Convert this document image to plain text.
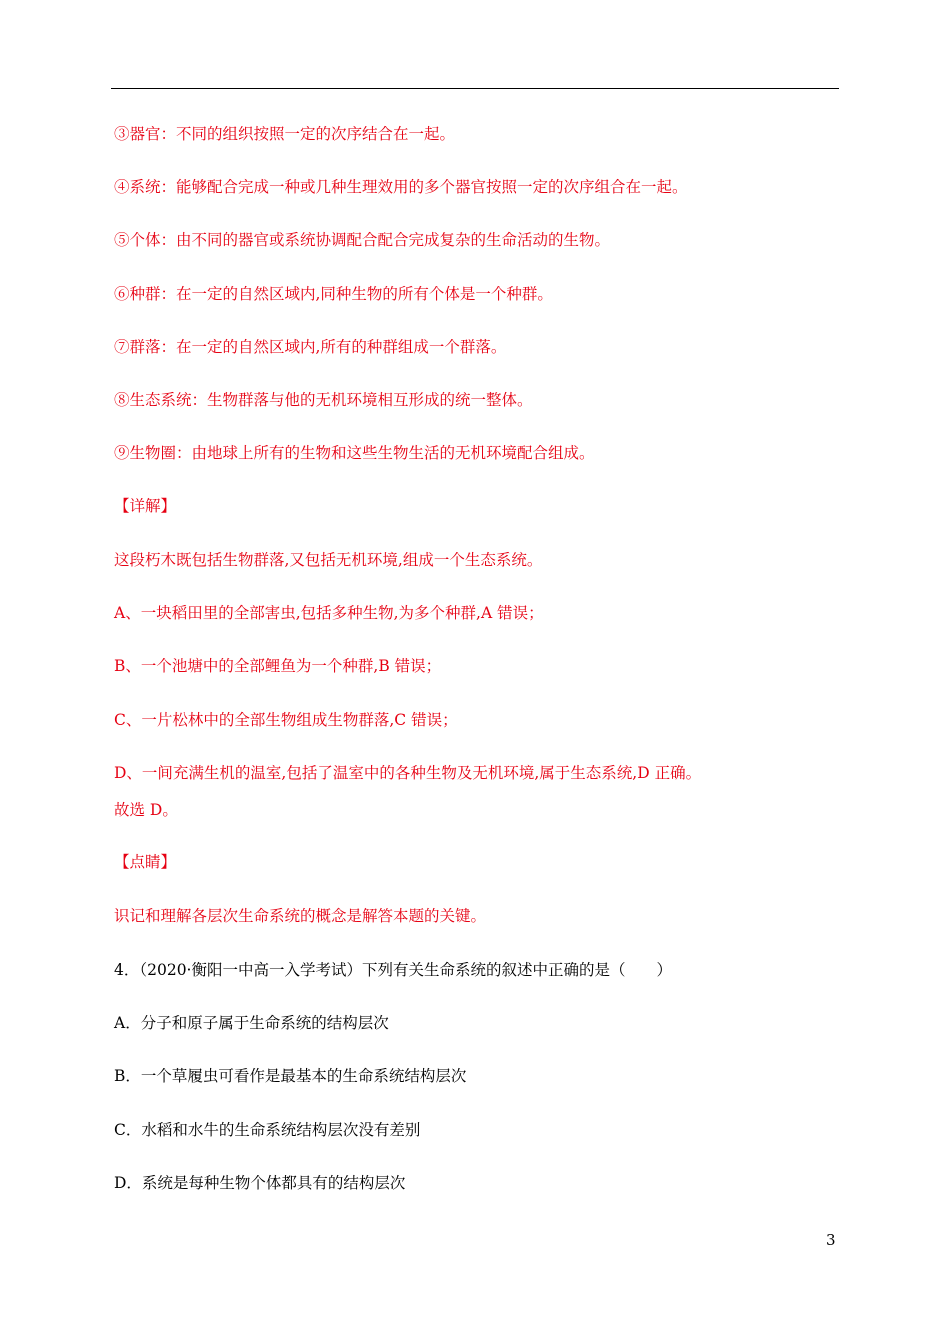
③器官：不同的组织按照一定的次序结合在一起。
④系统：能够配合完成一种或几种生理效用的多个器官按照一定的次序组合在一起。
⑤个体：由不同的器官或系统协调配合配合完成复杂的生命活动的生物。
⑥种群：在一定的自然区域内,同种生物的所有个体是一个种群。
⑦群落：在一定的自然区域内,所有的种群组成一个群落。
⑧生态系统：生物群落与他的无机环境相互形成的统一整体。
⑨生物圈：由地球上所有的生物和这些生物生活的无机环境配合组成。
【详解】
这段朽木既包括生物群落,又包括无机环境,组成一个生态系统。
A、一块稻田里的全部害虫,包括多种生物,为多个种群,A 错误；
B、一个池塘中的全部鲤鱼为一个种群,B 错误；
C、一片松林中的全部生物组成生物群落,C 错误；
D、一间充满生机的温室,包括了温室中的各种生物及无机环境,属于生态系统,D 正确。
故选 D。
【点睛】
识记和理解各层次生命系统的概念是解答本题的关键。
4．（2020·衡阳一中高一入学考试）下列有关生命系统的叙述中正确的是（　　）
A．分子和原子属于生命系统的结构层次
B．一个草履虫可看作是最基本的生命系统结构层次
C．水稻和水牛的生命系统结构层次没有差别
D．系统是每种生物个体都具有的结构层次
3
